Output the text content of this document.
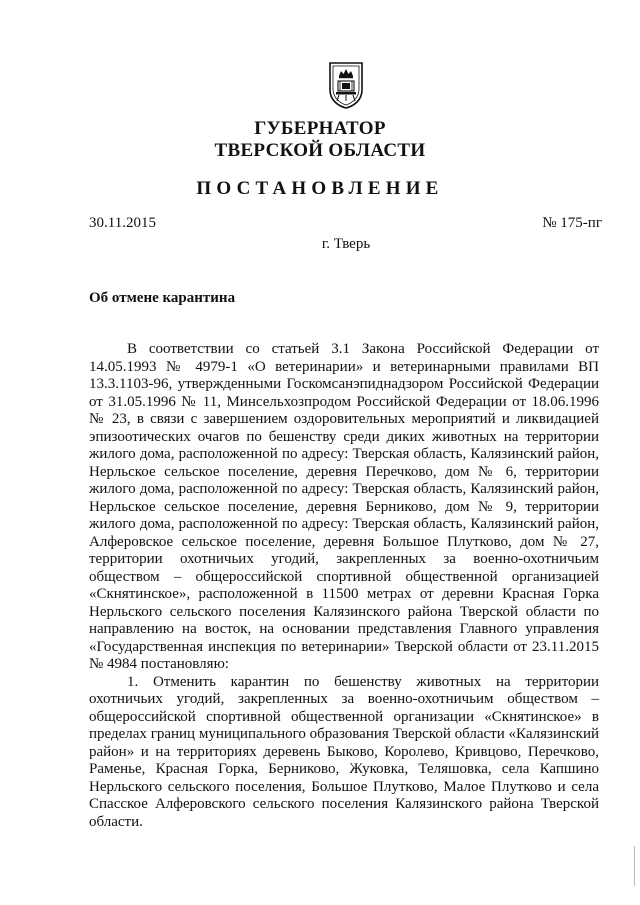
ГУБЕРНАТОР
ТВЕРСКОЙ ОБЛАСТИ
ПОСТАНОВЛЕНИЕ
30.11.2015	№ 175-пг
г. Тверь
Об отмене карантина

В соответствии со статьей 3.1 Закона Российской Федерации от 14.05.1993 № 4979-1 «О ветеринарии» и ветеринарными правилами ВП 13.3.1103-96, утвержденными Госкомсанэпиднадзором Российской Федерации от 31.05.1996 № 11, Минсельхозпродом Российской Федерации от 18.06.1996 № 23, в связи с завершением оздоровительных мероприятий и ликвидацией эпизоотических очагов по бешенству среди диких животных на территории жилого дома, расположенной по адресу: Тверская область, Калязинский район, Нерльское сельское поселение, деревня Перечково, дом № 6, территории жилого дома, расположенной по адресу: Тверская область, Калязинский район, Нерльское сельское поселение, деревня Берниково, дом № 9, территории жилого дома, расположенной по адресу: Тверская область, Калязинский район, Алферовское сельское поселение, деревня Большое Плутково, дом № 27, территории охотничьих угодий, закрепленных за военно-охотничьим обществом – общероссийской спортивной общественной организацией «Скнятинское», расположенной в 11500 метрах от деревни Красная Горка Нерльского сельского поселения Калязинского района Тверской области по направлению на восток, на основании представления Главного управления «Государственная инспекция по ветеринарии» Тверской области от 23.11.2015 № 4984 постановляю:

1. Отменить карантин по бешенству животных на территории охотничьих угодий, закрепленных за военно-охотничьим обществом – общероссийской спортивной общественной организации «Скнятинское» в пределах границ муниципального образования Тверской области «Калязинский район» и на территориях деревень Быково, Королево, Кривцово, Перечково, Раменье, Красная Горка, Берниково, Жуковка, Теляшовка, села Капшино Нерльского сельского поселения, Большое Плутково, Малое Плутково и села Спасское Алферовского сельского поселения Калязинского района Тверской области.
